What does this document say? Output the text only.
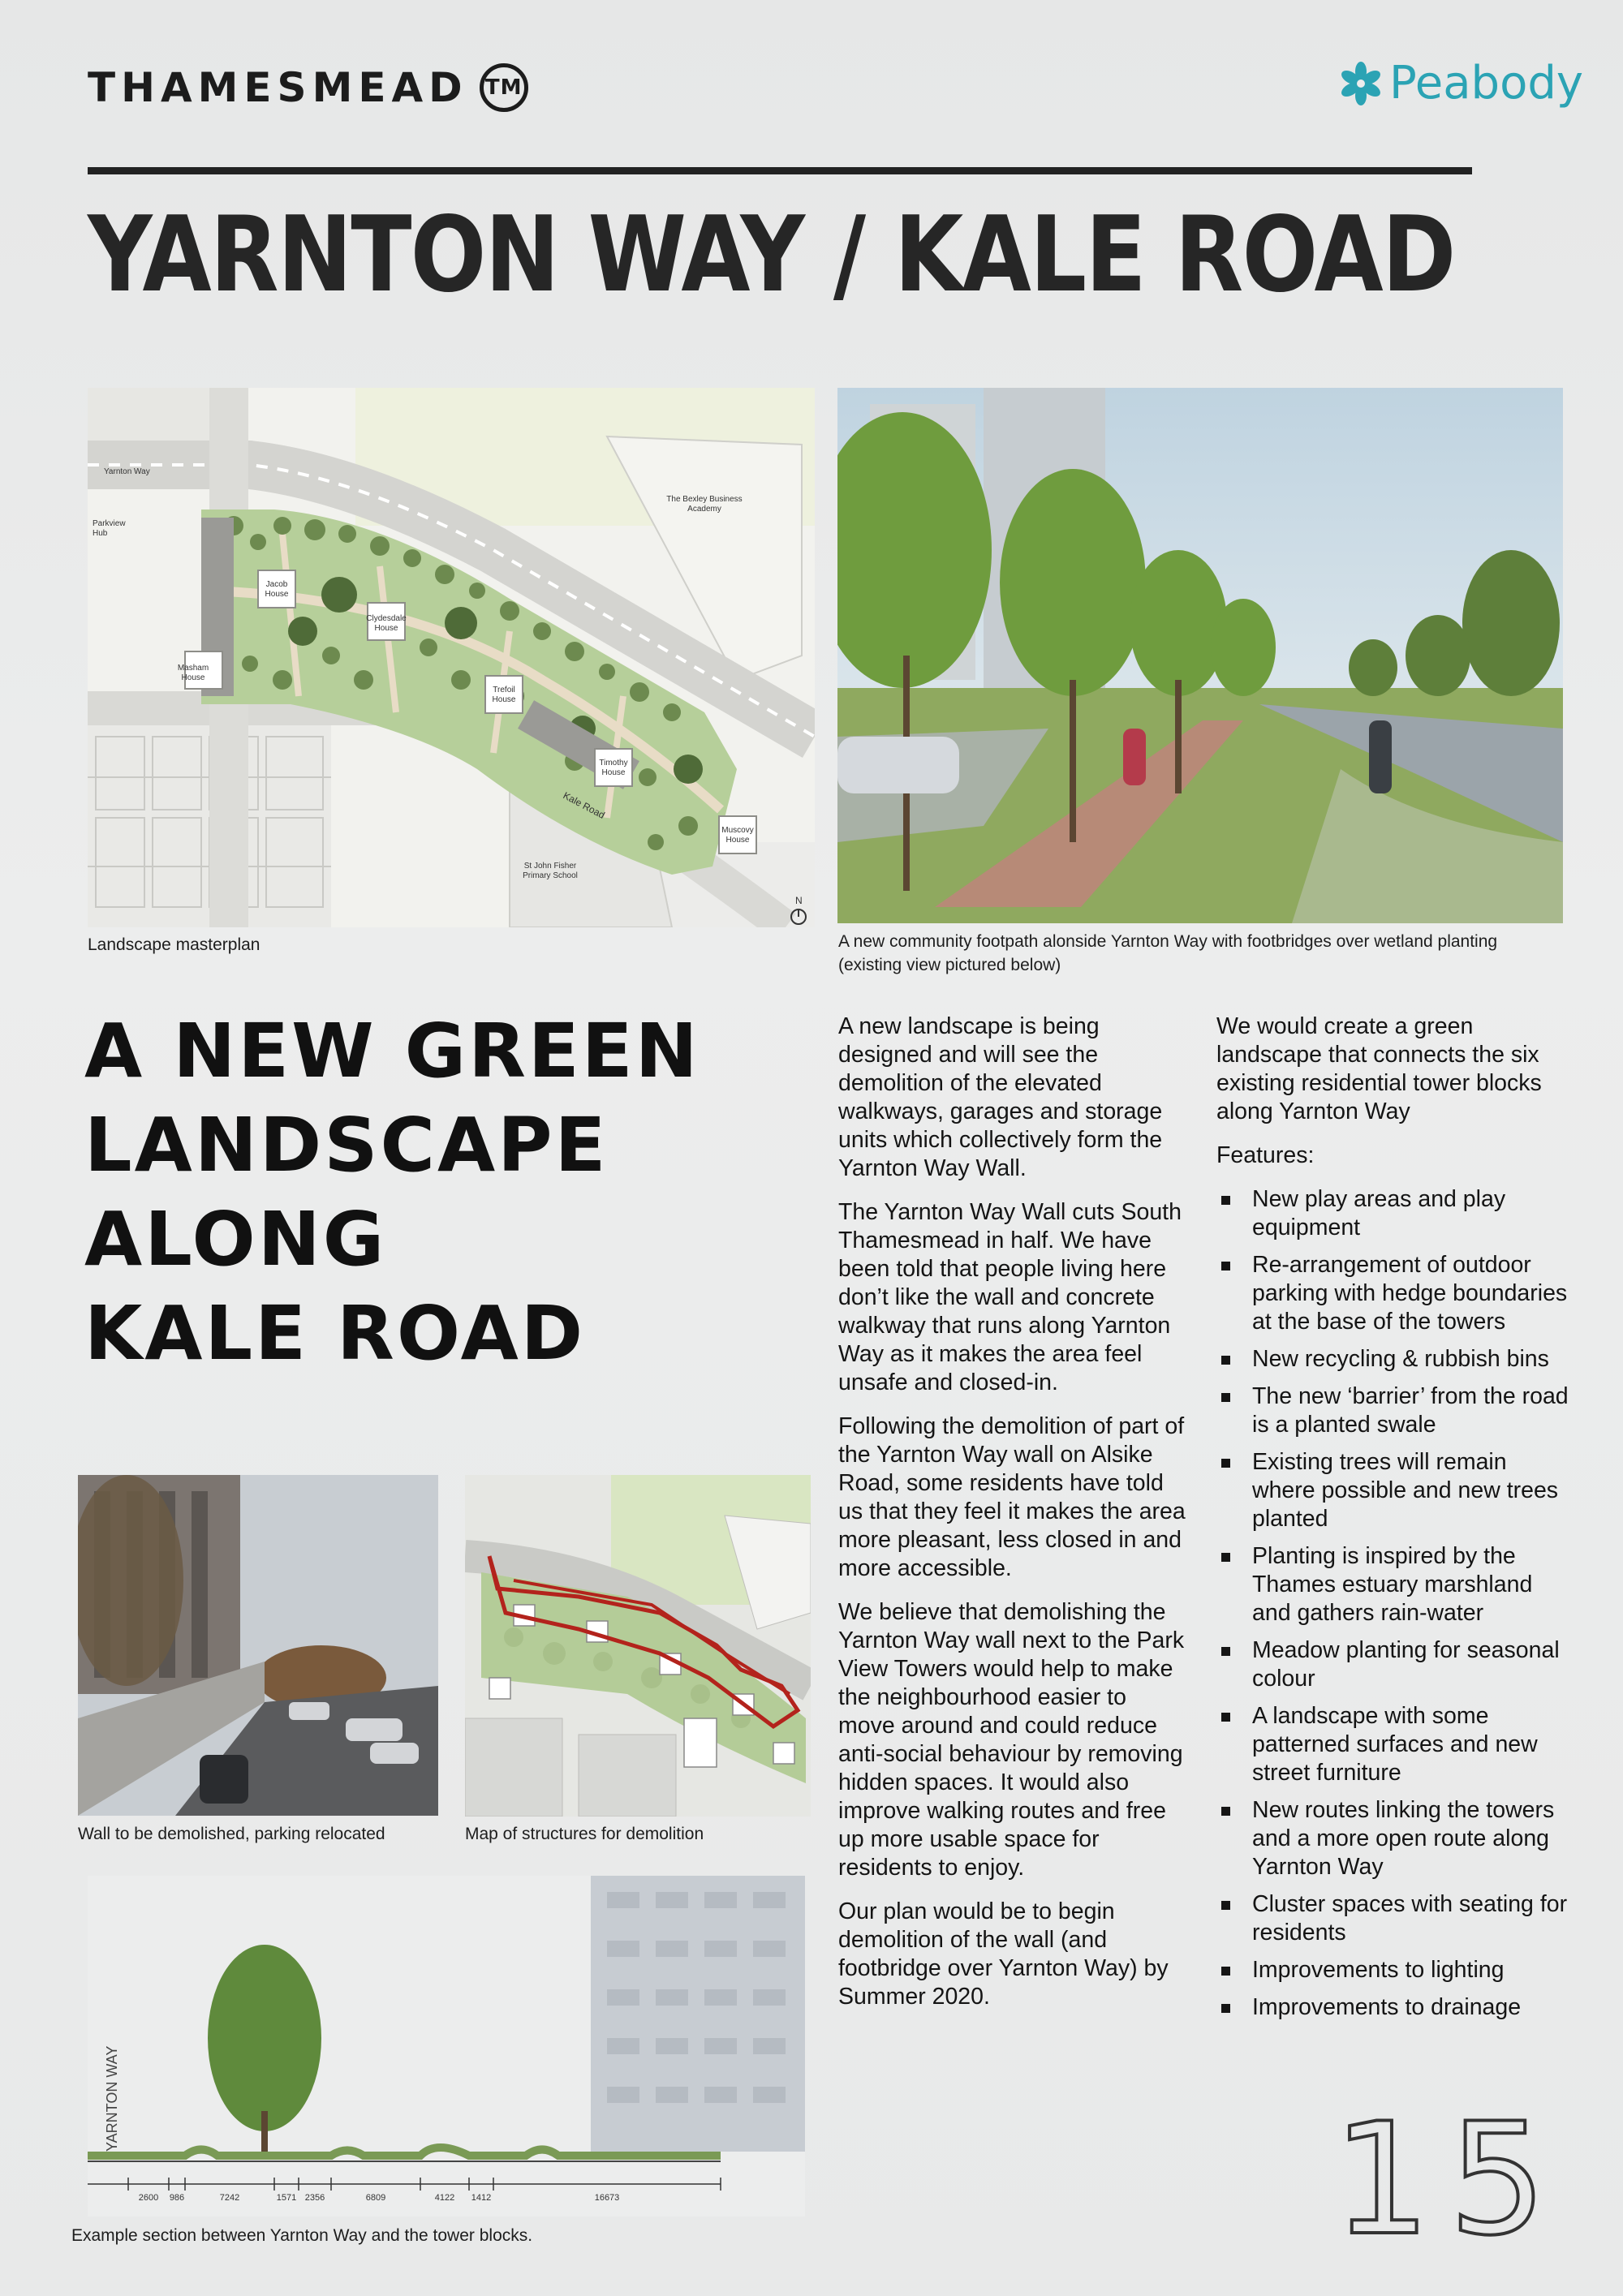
THAMESMEAD TM	Peabody
YARNTON WAY / KALE ROAD
Jacob
House
Clydesdale
House
Masham
House
Trefoil
House
Timothy
House
Muscovy
House
The Bexley Business
Academy
St John Fisher
Primary School
Yarnton Way
Parkview
Hub
Kale Road
N
Landscape masterplan	A new community footpath alonside Yarnton Way with footbridges over wetland planting
(existing view pictured below)
A NEW GREEN
LANDSCAPE
ALONG
KALE ROAD
Wall to be demolished, parking relocated	Map of structures for demolition
2600 986	7242	1571 2356	6809	4122 1412	16673
YARNTON WAY
Example section between Yarnton Way and the tower blocks.

A new landscape is being designed and will see the demolition of the elevated walkways, garages and storage units which collectively form the Yarnton Way Wall.

The Yarnton Way Wall cuts South Thamesmead in half. We have been told that people living here don’t like the wall and concrete walkway that runs along Yarnton Way as it makes the area feel unsafe and closed-in.

Following the demolition of part of the Yarnton Way wall on Alsike Road, some residents have told us that they feel it makes the area more pleasant, less closed in and more accessible.

We believe that demolishing the Yarnton Way wall next to the Park View Towers would help to make the neighbourhood easier to move around and could reduce anti-social behaviour by removing hidden spaces. It would also improve walking routes and free up more usable space for residents to enjoy.

Our plan would be to begin demolition of the wall (and footbridge over Yarnton Way) by Summer 2020.

We would create a green landscape that connects the six existing residential tower blocks along Yarnton Way

Features:

New play areas and play equipment
Re-arrangement of outdoor parking with hedge boundaries at the base of the towers
New recycling & rubbish bins
The new ‘barrier’ from the road is a planted swale
Existing trees will remain where possible and new trees planted
Planting is inspired by the Thames estuary marshland and gathers rain-water
Meadow planting for seasonal colour
A landscape with some patterned surfaces and new street furniture
New routes linking the towers and a more open route along Yarnton Way
Cluster spaces with seating for residents
Improvements to lighting
Improvements to drainage
15
